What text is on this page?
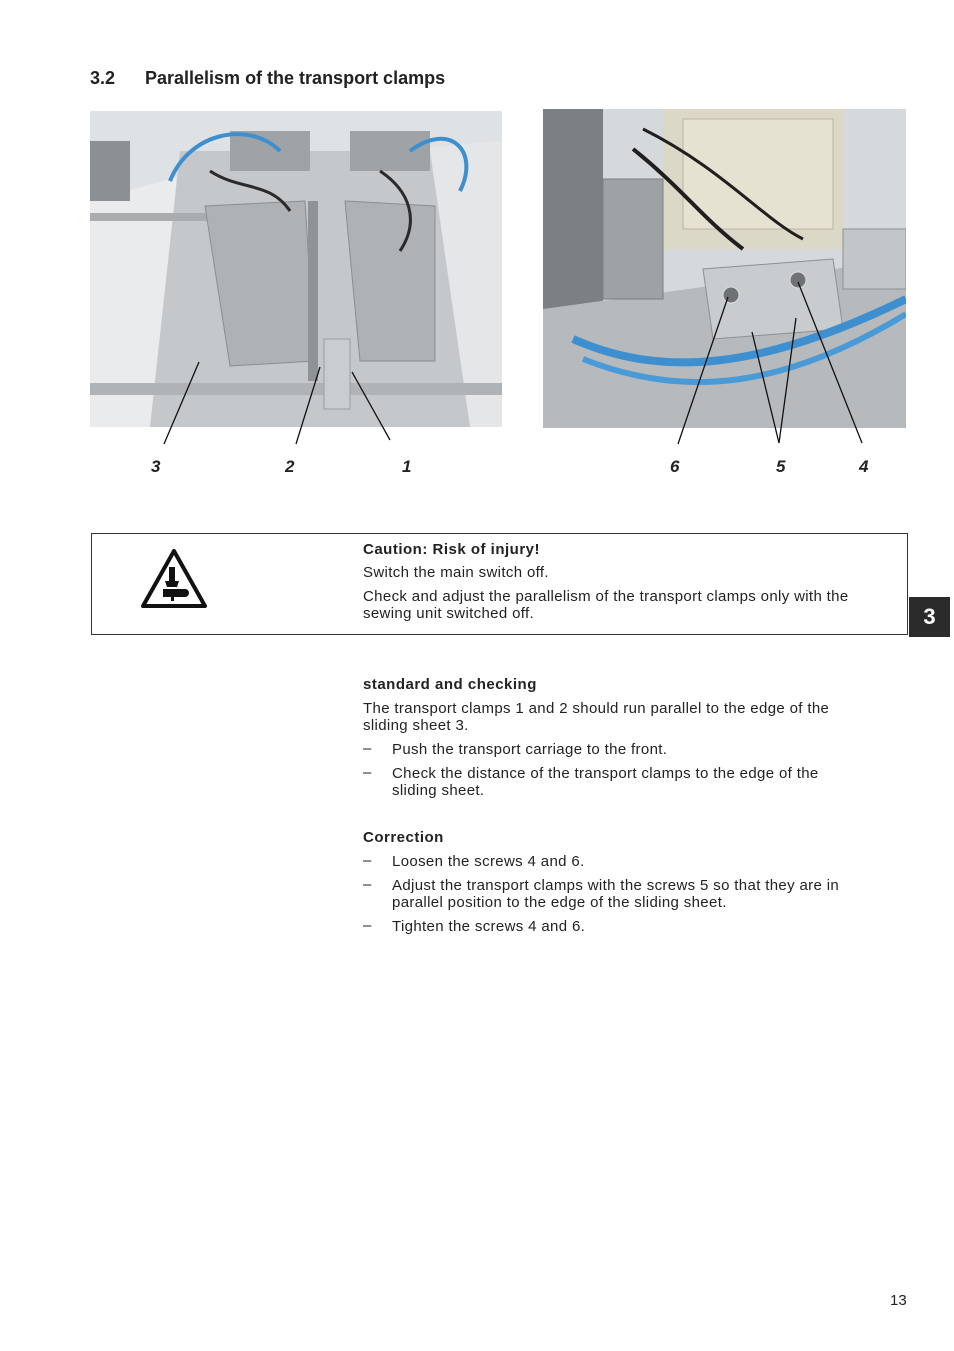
3.2 Parallelism of the transport clamps
3	2	1	6	5	4
Caution: Risk of injury!
Switch the main switch off.
Check and adjust the parallelism of the transport clamps only with the
sewing unit switched off.	3
standard and checking
The transport clamps 1 and 2 should run parallel to the edge of the
sliding sheet 3.
– Push the transport carriage to the front.
– Check the distance of the transport clamps to the edge of the
sliding sheet.
Correction
– Loosen the screws 4 and 6.
– Adjust the transport clamps with the screws 5 so that they are in
parallel position to the edge of the sliding sheet.
– Tighten the screws 4 and 6.
13
